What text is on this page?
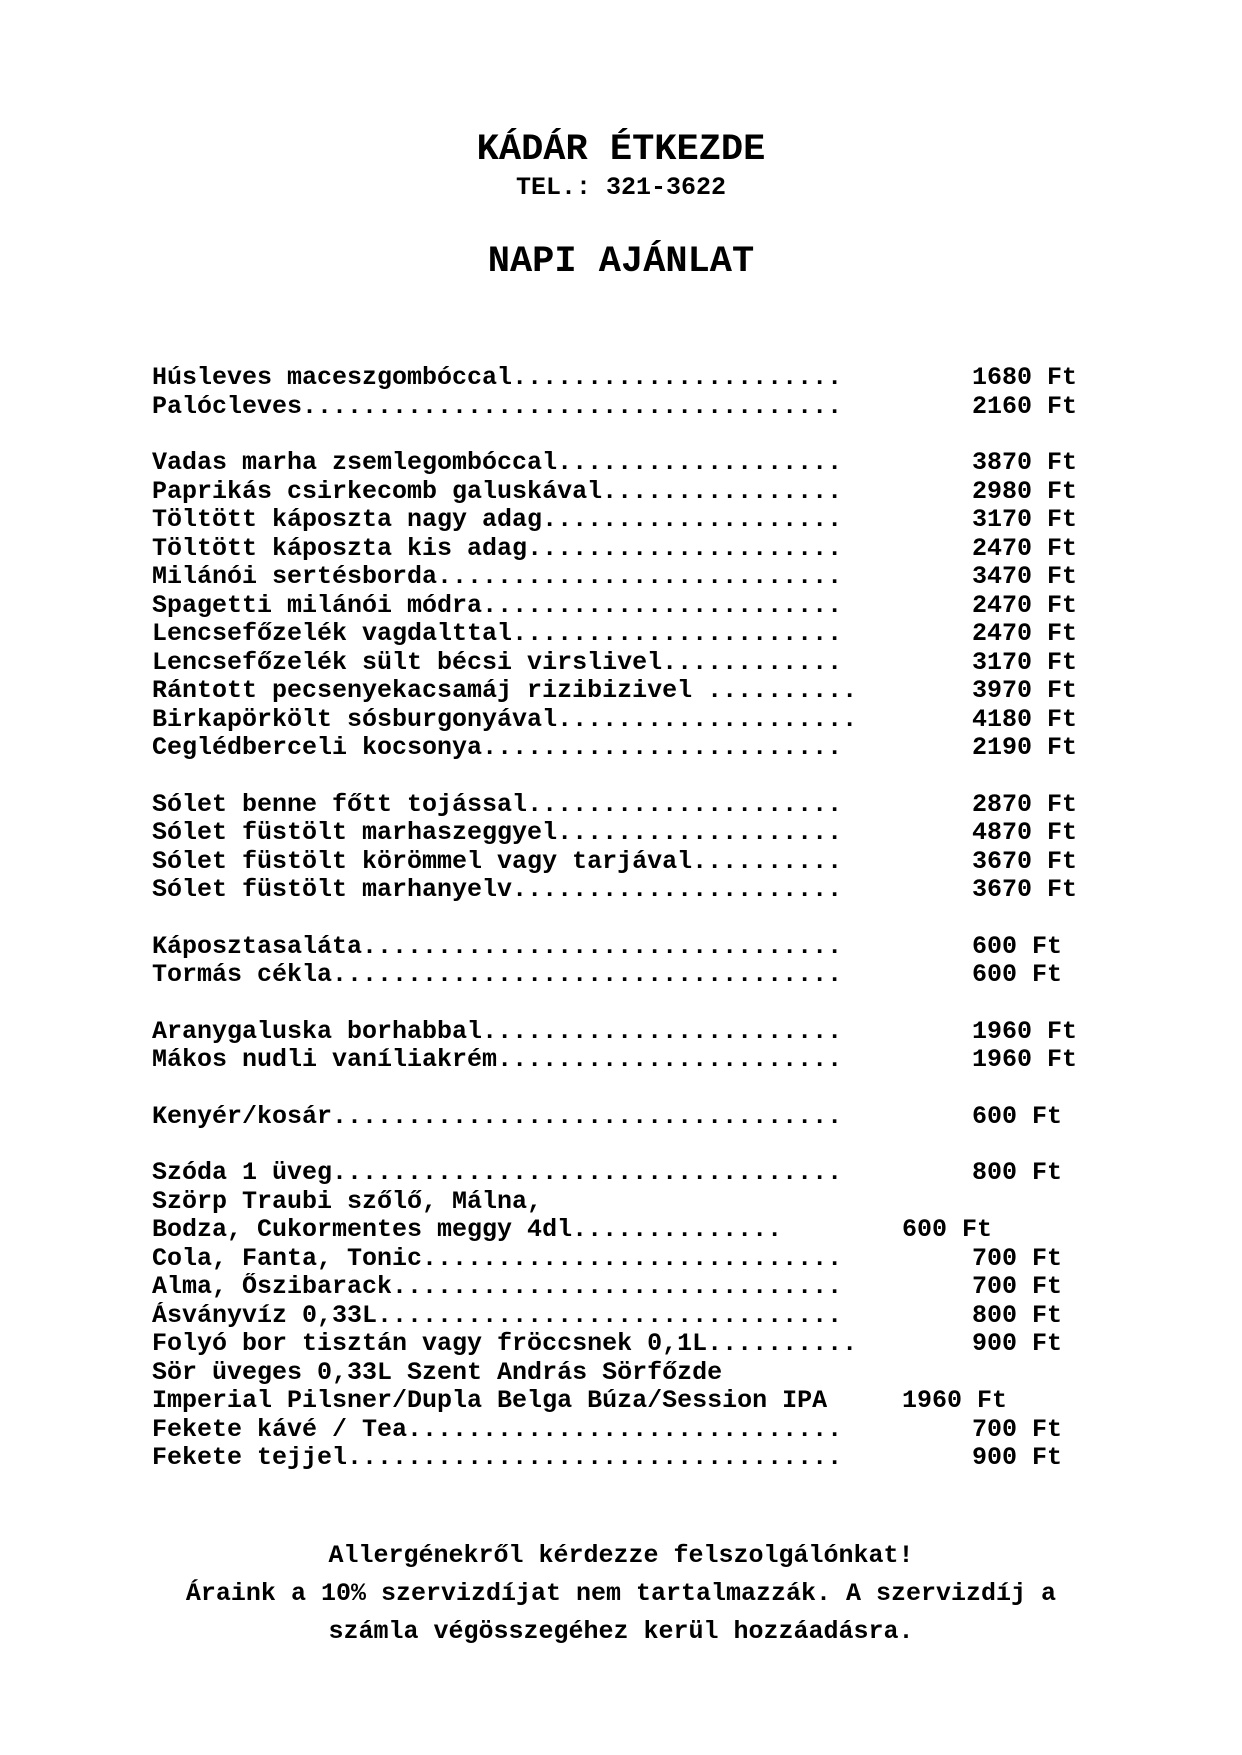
KÁDÁR ÉTKEZDE
TEL.: 321-3622
NAPI AJÁNLAT
Húsleves maceszgombóccal......................	1680 Ft
Palócleves....................................	2160 Ft
Vadas marha zsemlegombóccal...................	3870 Ft
Paprikás csirkecomb galuskával................	2980 Ft
Töltött káposzta nagy adag....................	3170 Ft
Töltött káposzta kis adag.....................	2470 Ft
Milánói sertésborda...........................	3470 Ft
Spagetti milánói módra........................	2470 Ft
Lencsefőzelék vagdalttal......................	2470 Ft
Lencsefőzelék sült bécsi virslivel............	3170 Ft
Rántott pecsenyekacsamáj rizibizivel ..........	3970 Ft
Birkapörkölt sósburgonyával....................	4180 Ft
Ceglédberceli kocsonya........................	2190 Ft
Sólet benne főtt tojással.....................	2870 Ft
Sólet füstölt marhaszeggyel...................	4870 Ft
Sólet füstölt körömmel vagy tarjával..........	3670 Ft
Sólet füstölt marhanyelv......................	3670 Ft
Káposztasaláta................................	600 Ft
Tormás cékla..................................	600 Ft
Aranygaluska borhabbal........................	1960 Ft
Mákos nudli vaníliakrém.......................	1960 Ft
Kenyér/kosár..................................	600 Ft
Szóda 1 üveg..................................	800 Ft
Szörp Traubi szőlő, Málna,
Bodza, Cukormentes meggy 4dl..............	600 Ft
Cola, Fanta, Tonic............................	700 Ft
Alma, Őszibarack..............................	700 Ft
Ásványvíz 0,33L...............................	800 Ft
Folyó bor tisztán vagy fröccsnek 0,1L..........	900 Ft
Sör üveges 0,33L Szent András Sörfőzde
Imperial Pilsner/Dupla Belga Búza/Session IPA	1960 Ft
Fekete kávé / Tea.............................	700 Ft
Fekete tejjel.................................	900 Ft
Allergénekről kérdezze felszolgálónkat!
Áraink a 10% szervizdíjat nem tartalmazzák. A szervizdíj a
számla végösszegéhez kerül hozzáadásra.
